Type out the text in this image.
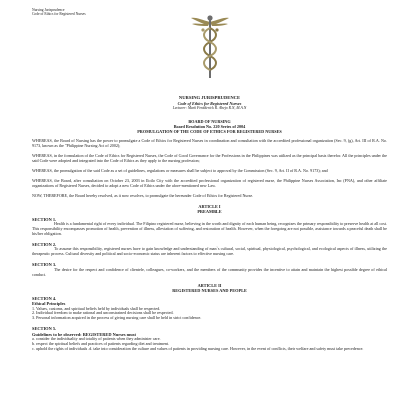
Nursing Jurisprudence
Code of Ethics for Registered Nurses
NURSING JURISPRUDENCE
Code of Ethics for Registered Nurses
Lecturer: Mark Fredderick R. Abejo R.N, M.A.N
BOARD OF NURSING
Board Resolution No. 220 Series of 2004
PROMULGATION OF THE CODE OF ETHICS FOR REGISTERED NURSES

WHEREAS, the Board of Nursing has the power to promulgate a Code of Ethics for Registered Nurses in coordination and consultation with the accredited professional organization (Sec. 9, (g), Art. III of R.A. No. 9173, known as the "Philippine Nursing Act of 2002);

WHEREAS, in the formulation of the Code of Ethics for Registered Nurses, the Code of Good Governance for the Professions in the Philippines was utilized as the principal basis therefor. All the principles under the said Code were adopted and integrated into the Code of Ethics as they apply to the nursing profession;

WHEREAS, the promulgation of the said Code as a set of guidelines, regulations or measures shall be subject to approval by the Commission (Sec. 9, Art. II of R.A. No. 9173); and

WHEREAS, the Board, after consultation on October 23, 2003 in Iloilo City with the accredited professional organization of registered nurse, the Philippine Nurses Association, Inc (PNA), and other affiliate organizations of Registered Nurses, decided to adopt a new Code of Ethics under the afore-mentioned new Law.

NOW, THEREFORE, the Board hereby resolved, as it now resolves, to promulgate the hereunder Code of Ethics for Registered Nurse.

ARTICLE I
PREAMBLE
SECTION 1.

Health is a fundamental right of every individual. The Filipino registered nurse, believing in the worth and dignity of each human being, recognizes the primary responsibility to preserve health at all cost. This responsibility encompasses promotion of health, prevention of illness, alleviation of suffering, and restoration of health. However, when the foregoing are not possible, assistance towards a peaceful death shall be his/her obligation.

SECTION 2.

To assume this responsibility, registered nurses have to gain knowledge and understanding of man`s cultural, social, spiritual, physiological, psychological, and ecological aspects of illness, utilizing the therapeutic process. Cultural diversity and political and socio-economic status are inherent factors to effective nursing care.

SECTION 3.

The desire for the respect and confidence of clientele, colleagues, co-workers, and the members of the community provides the incentive to attain and maintain the highest possible degree of ethical conduct.

ARTICLE II
REGISTERED NURSES AND PEOPLE
SECTION 4.

Ethical Principles

1. Values, customs, and spiritual beliefs held by individuals shall be respected.

2. Individual freedom to make rational and unconstrained decisions shall be respected.

3. Personal information acquired in the process of giving nursing care shall be held in strict confidence.

SECTION 5.

Guidelines to be observed: REGISTERED Nurses must

a. consider the individuality and totality of patients when they administer care.

b. respect the spiritual beliefs and practices of patients regarding diet and treatment.

c. uphold the rights of individuals .d. take into consideration the culture and values of patients in providing nursing care. However, in the event of conflicts, their welfare and safety must take precedence.
